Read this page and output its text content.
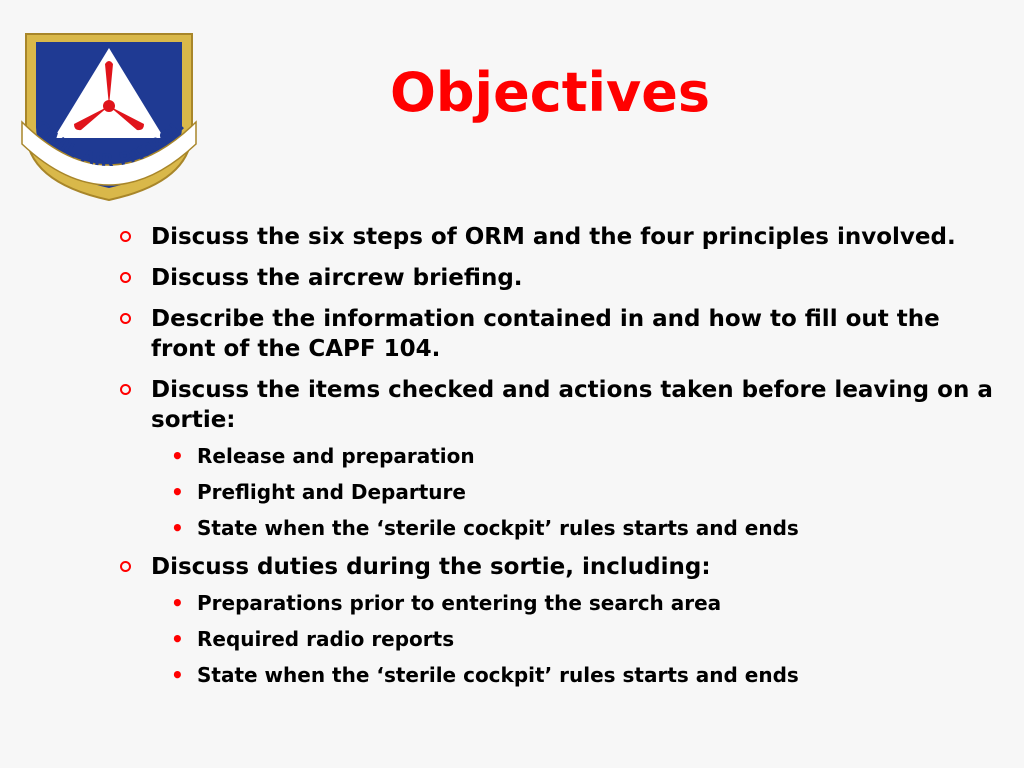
CIVIL AIR PATROL
Objectives
Discuss the six steps of ORM and the four principles involved.
Discuss the aircrew briefing.
Describe the information contained in and how to fill out the front of the CAPF 104.
Discuss the items checked and actions taken before leaving on a sortie:
• Release and preparation
• Preflight and Departure
• State when the ‘sterile cockpit’ rules starts and ends
Discuss duties during the sortie, including:
• Preparations prior to entering the search area
• Required radio reports
• State when the ‘sterile cockpit’ rules starts and ends
